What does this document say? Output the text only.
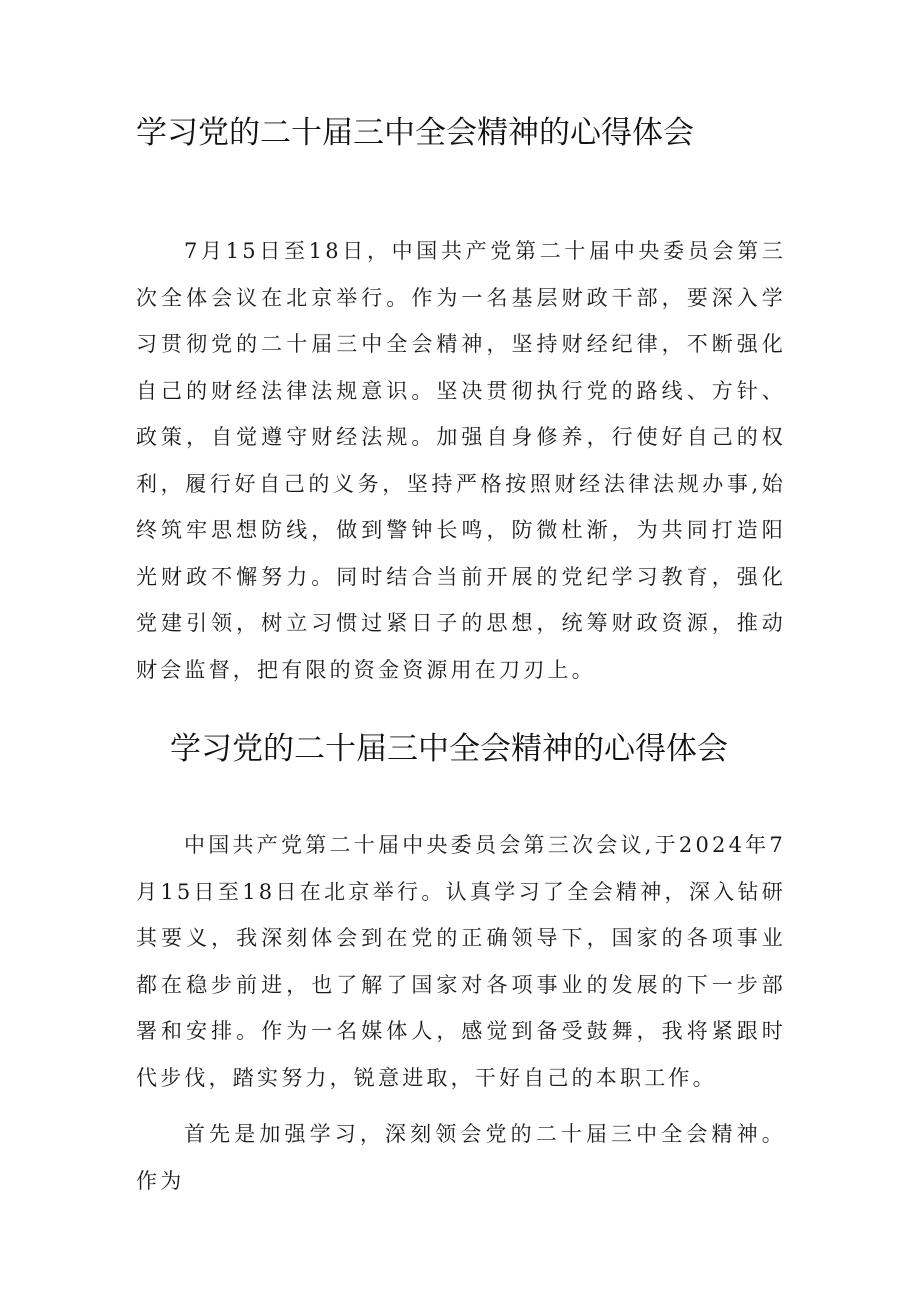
学习党的二十届三中全会精神的心得体会

7月15日至18日，中国共产党第二十届中央委员会第三次全体会议在北京举行。作为一名基层财政干部，要深入学习贯彻党的二十届三中全会精神，坚持财经纪律，不断强化自己的财经法律法规意识。坚决贯彻执行党的路线、方针、政策，自觉遵守财经法规。加强自身修养，行使好自己的权利，履行好自己的义务，坚持严格按照财经法律法规办事,始终筑牢思想防线，做到警钟长鸣，防微杜渐，为共同打造阳光财政不懈努力。同时结合当前开展的党纪学习教育，强化党建引领，树立习惯过紧日子的思想，统筹财政资源，推动财会监督，把有限的资金资源用在刀刃上。

学习党的二十届三中全会精神的心得体会

中国共产党第二十届中央委员会第三次会议,于2024年7月15日至18日在北京举行。认真学习了全会精神，深入钻研其要义，我深刻体会到在党的正确领导下，国家的各项事业都在稳步前进，也了解了国家对各项事业的发展的下一步部署和安排。作为一名媒体人，感觉到备受鼓舞，我将紧跟时代步伐，踏实努力，锐意进取，干好自己的本职工作。

首先是加强学习，深刻领会党的二十届三中全会精神。作为
